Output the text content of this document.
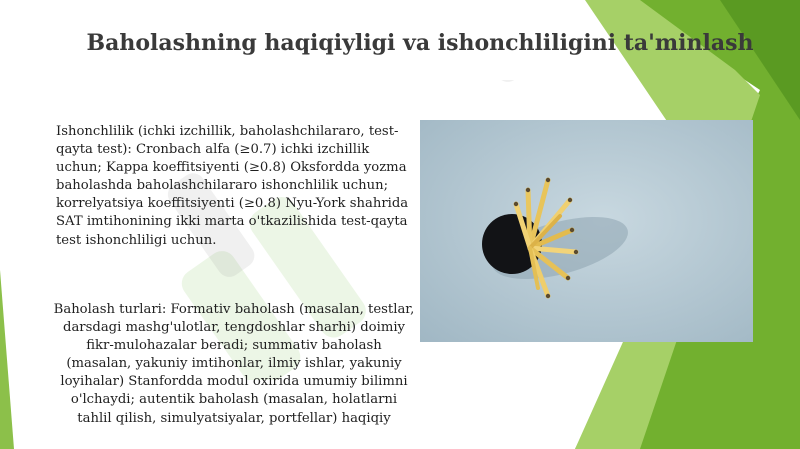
Baholashning haqiqiyligi va ishonchliligini ta'minlash

Ishonchlilik (ichki izchillik, baholashchilararo, test-qayta test): Cronbach alfa (≥0.7) ichki izchillik uchun; Kappa koeffitsiyenti (≥0.8) Oksfordda yozma baholashda baholashchilararo ishonchlilik uchun; korrelyatsiya koeffitsiyenti (≥0.8) Nyu-York shahrida SAT imtihonining ikki marta o'tkazilishida test-qayta test ishonchliligi uchun.

Baholash turlari: Formativ baholash (masalan, testlar, darsdagi mashg'ulotlar, tengdoshlar sharhi) doimiy fikr-mulohazalar beradi; summativ baholash (masalan, yakuniy imtihonlar, ilmiy ishlar, yakuniy loyihalar) Stanfordda modul oxirida umumiy bilimni o'lchaydi; autentik baholash (masalan, holatlarni tahlil qilish, simulyatsiyalar, portfellar) haqiqiy
